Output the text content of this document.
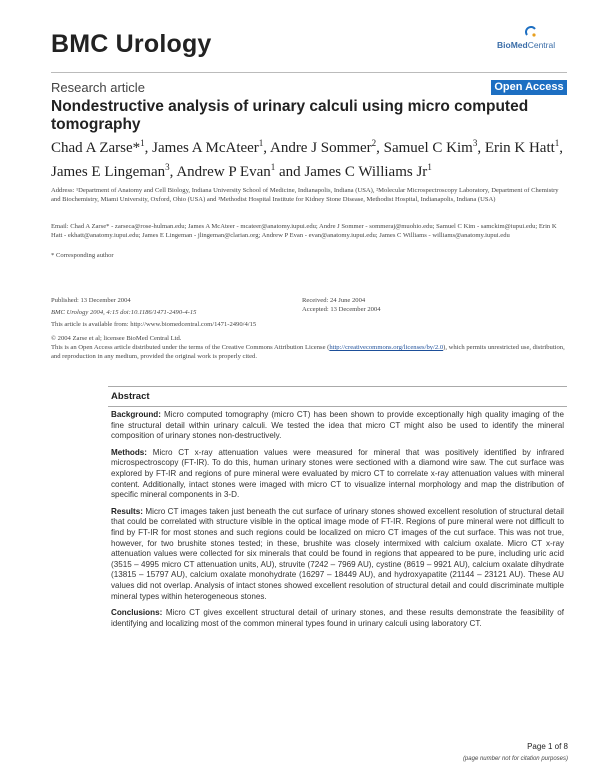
BMC Urology	BioMedCentral
Research article	Open Access
Nondestructive analysis of urinary calculi using micro computed tomography
Chad A Zarse*$^1$, James A McAteer$^1$, Andre J Sommer$^2$, Samuel C Kim$^3$, Erin K Hatt$^1$, James E Lingeman$^3$, Andrew P Evan$^1$ and James C Williams Jr$^1$
Address: ¹Department of Anatomy and Cell Biology, Indiana University School of Medicine, Indianapolis, Indiana (USA), ²Molecular Microspectroscopy Laboratory, Department of Chemistry and Biochemistry, Miami University, Oxford, Ohio (USA) and ³Methodist Hospital Institute for Kidney Stone Disease, Methodist Hospital, Indianapolis, Indiana (USA)
Email: Chad A Zarse* - zarseca@rose-hulman.edu; James A McAteer - mcateer@anatomy.iupui.edu; Andre J Sommer - sommeraj@muohio.edu; Samuel C Kim - samckim@iupui.edu; Erin K Hatt - ekhatt@anatomy.iupui.edu; James E Lingeman - jlingeman@clarian.org; Andrew P Evan - evan@anatomy.iupui.edu; James C Williams - williams@anatomy.iupui.edu
* Corresponding author
Published: 13 December 2004	Received: 24 June 2004
Accepted: 13 December 2004
BMC Urology 2004, 4:15 doi:10.1186/1471-2490-4-15
This article is available from: http://www.biomedcentral.com/1471-2490/4/15
© 2004 Zarse et al; licensee BioMed Central Ltd.
This is an Open Access article distributed under the terms of the Creative Commons Attribution License (http://creativecommons.org/licenses/by/2.0), which permits unrestricted use, distribution, and reproduction in any medium, provided the original work is properly cited.
Abstract

Background: Micro computed tomography (micro CT) has been shown to provide exceptionally high quality imaging of the fine structural detail within urinary calculi. We tested the idea that micro CT might also be used to identify the mineral composition of urinary stones non-destructively.

Methods: Micro CT x-ray attenuation values were measured for mineral that was positively identified by infrared microspectroscopy (FT-IR). To do this, human urinary stones were sectioned with a diamond wire saw. The cut surface was explored by FT-IR and regions of pure mineral were evaluated by micro CT to correlate x-ray attenuation values with mineral content. Additionally, intact stones were imaged with micro CT to visualize internal morphology and map the distribution of specific mineral components in 3-D.

Results: Micro CT images taken just beneath the cut surface of urinary stones showed excellent resolution of structural detail that could be correlated with structure visible in the optical image mode of FT-IR. Regions of pure mineral were not difficult to find by FT-IR for most stones and such regions could be localized on micro CT images of the cut surface. This was not true, however, for two brushite stones tested; in these, brushite was closely intermixed with calcium oxalate. Micro CT x-ray attenuation values were collected for six minerals that could be found in regions that appeared to be pure, including uric acid (3515 – 4995 micro CT attenuation units, AU), struvite (7242 – 7969 AU), cystine (8619 – 9921 AU), calcium oxalate dihydrate (13815 – 15797 AU), calcium oxalate monohydrate (16297 – 18449 AU), and hydroxyapatite (21144 – 23121 AU). These AU values did not overlap. Analysis of intact stones showed excellent resolution of structural detail and could discriminate multiple mineral types within heterogeneous stones.

Conclusions: Micro CT gives excellent structural detail of urinary stones, and these results demonstrate the feasibility of identifying and localizing most of the common mineral types found in urinary calculi using laboratory CT.

Page 1 of 8
(page number not for citation purposes)
